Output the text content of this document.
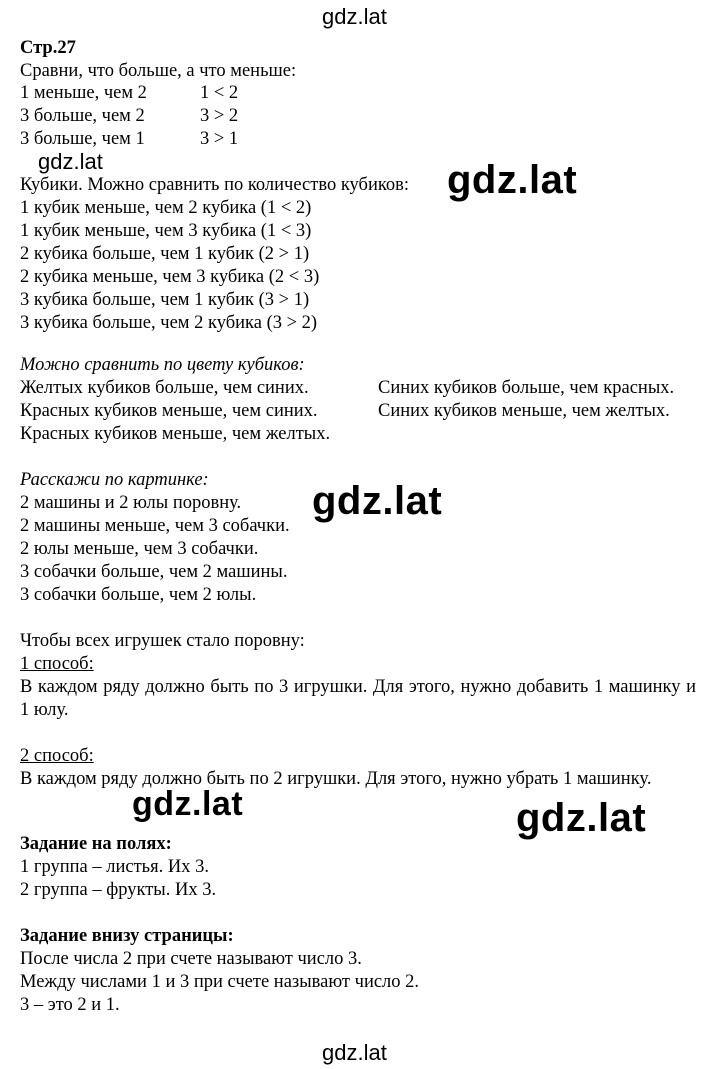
gdz.lat
gdz.lat	gdz.lat
gdz.lat
gdz.lat	gdz.lat
gdz.lat
Стр.27
Сравни, что больше, а что меньше:
1 меньше, чем 2	1 < 2
3 больше, чем 2	3 > 2
3 больше, чем 1	3 > 1
Кубики. Можно сравнить по количество кубиков:
1 кубик меньше, чем 2 кубика (1 < 2)
1 кубик меньше, чем 3 кубика (1 < 3)
2 кубика больше, чем 1 кубик (2 > 1)
2 кубика меньше, чем 3 кубика (2 < 3)
3 кубика больше, чем 1 кубик (3 > 1)
3 кубика больше, чем 2 кубика (3 > 2)
Можно сравнить по цвету кубиков:
Желтых кубиков больше, чем синих.	Синих кубиков больше, чем красных.
Красных кубиков меньше, чем синих.	Синих кубиков меньше, чем желтых.
Красных кубиков меньше, чем желтых.
Расскажи по картинке:
2 машины и 2 юлы поровну.
2 машины меньше, чем 3 собачки.
2 юлы меньше, чем 3 собачки.
3 собачки больше, чем 2 машины.
3 собачки больше, чем 2 юлы.
Чтобы всех игрушек стало поровну:
1 способ:
В каждом ряду должно быть по 3 игрушки. Для этого, нужно добавить 1 машинку и 1 юлу.
2 способ:
В каждом ряду должно быть по 2 игрушки. Для этого, нужно убрать 1 машинку.
Задание на полях:
1 группа – листья. Их 3.
2 группа – фрукты. Их 3.
Задание внизу страницы:
После числа 2 при счете называют число 3.
Между числами 1 и 3 при счете называют число 2.
3 – это 2 и 1.
